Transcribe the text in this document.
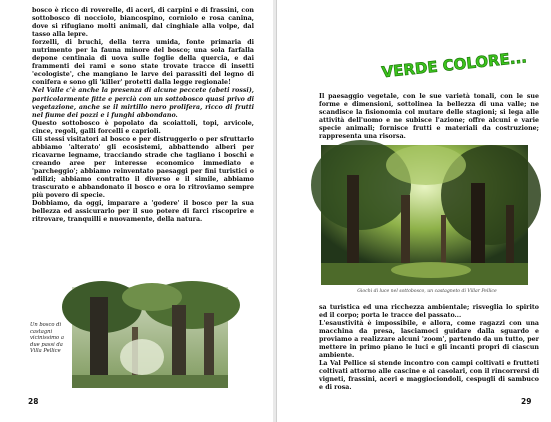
bosco è ricco di roverelle, di aceri, di carpini e di frassini, con sottobosco di nocciolo, biancospino, corniolo e rosa canina, dove si rifugiano molti animali, dal cinghiale alla volpe, dal tasso alla lepre.

forzelli, di bruchi, della terra umida, fonte primaria di nutrimento per la fauna minore del bosco; una sola farfalla depone centinaia di uova sulle foglie della quercia, e dai frammenti dei rami e sono state trovate tracce di insetti 'ecologiste', che mangiano le larve dei parassiti del legno di conifera e sono gli 'killer' protetti dalla legge regionale!

Nel Valle c'è anche la presenza di alcune peccete (abeti rossi), particolarmente fitte e percià con un sottobosco quasi privo di vegetazione, anche se il mirtillo nero prolifera, ricco di frutti nel fiume dei pozzi e i funghi abbondano.

Questo sottobosco è popolato da scoiattoli, topi, arvicole, cince, regoli, galli forcelli e caprioli.

Gli stessi visitatori al bosco e per distruggerlo o per sfruttarlo abbiamo 'alterato' gli ecosistemi, abbattendo alberi per ricavarne legname, tracciando strade che tagliano i boschi e creando aree per interesse economico immediato e 'parcheggio'; abbiamo reinventato paesaggi per fini turistici o edilizi; abbiamo contratto il diverso e il simile, abbiamo trascurato e abbandonato il bosco e ora lo ritroviamo sempre più povero di specie.

Dobbiamo, da oggi, imparare a 'godere' il bosco per la sua bellezza ed assicurarlo per il suo potere di farci riscoprire e ritrovare, tranquilli e nuovamente, della natura.

Un bosco di castagni vicinissimo a due passi da Villa Pellice
28
VERDE COLORE...

Il paesaggio vegetale, con le sue varietà tonali, con le sue forme e dimensioni, sottolinea la bellezza di una valle; ne scandisce la fisionomia col mutare delle stagioni; si lega alle attività dell'uomo e ne subisce l'azione; offre alcuni e varie specie animali; fornisce frutti e materiali da costruzione; rappresenta una risorsa.

Giochi di luce nel sottobosco, un castagneto di Villar Pellice

sa turistica ed una ricchezza ambientale; risveglia lo spirito ed il corpo; porta le tracce del passato...

L'esaustività è impossibile, e allora, come ragazzi con una macchina da presa, lasciamoci guidare dalla sguardo e proviamo a realizzare alcuni 'zoom', partendo da un tutto, per mettere in primo piano le luci e gli incanti propri di ciascun ambiente.

La Val Pellice si stende incontro con campi coltivati e frutteti coltivati attorno alle cascine e ai casolari, con il rincorrersi di vigneti, frassini, aceri e maggiociondoli, cespugli di sambuco e di rosa.

29
